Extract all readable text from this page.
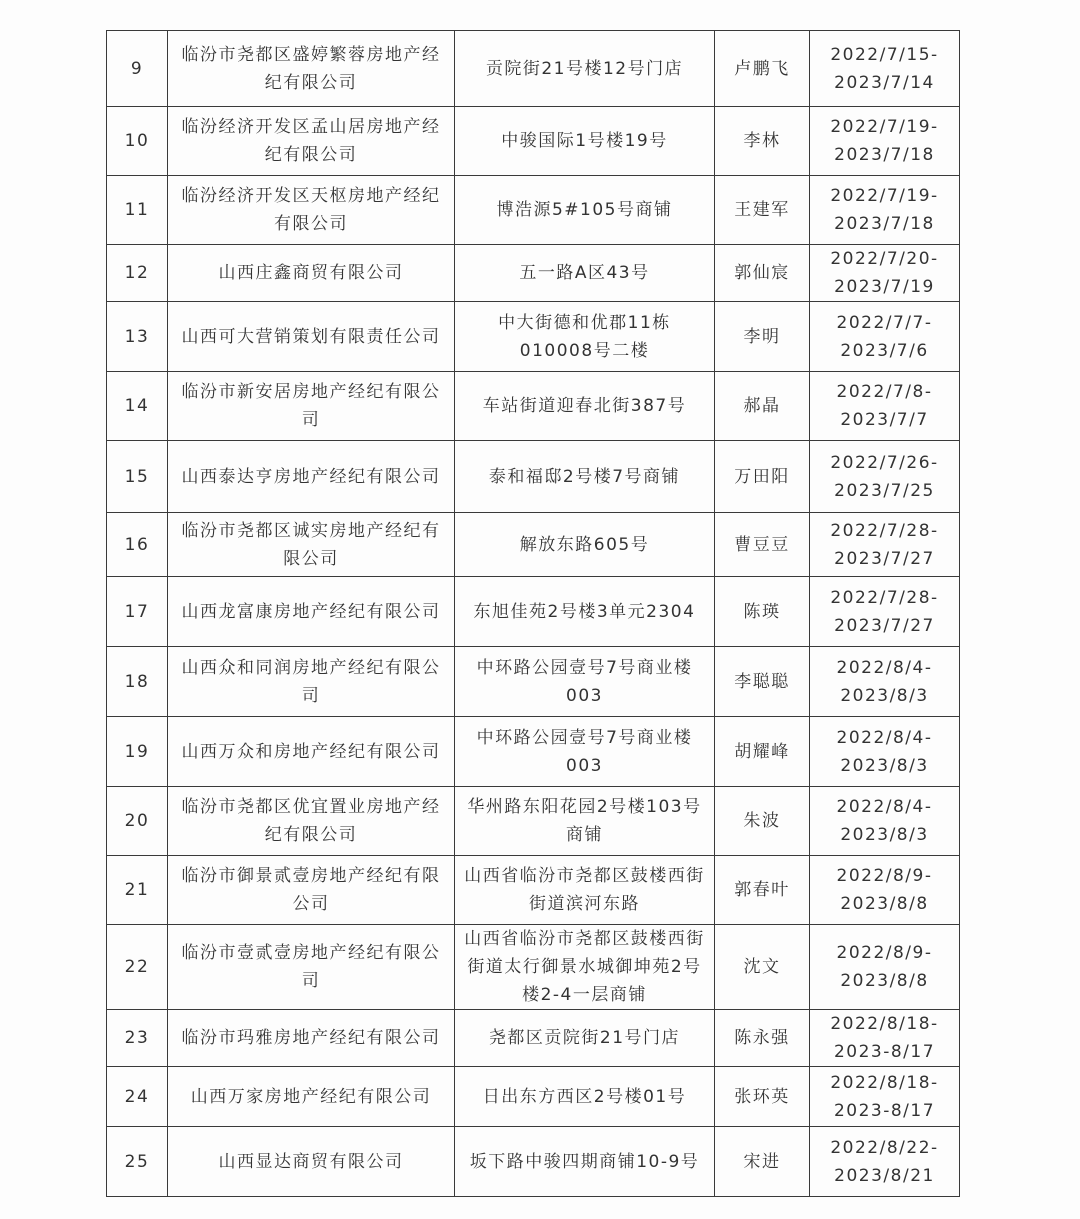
9	临汾市尧都区盛婷繁蓉房地产经纪有限公司	贡院街21号楼12号门店	卢鹏飞	2022/7/15-2023/7/14
10	临汾经济开发区孟山居房地产经纪有限公司	中骏国际1号楼19号	李林	2022/7/19-2023/7/18
11	临汾经济开发区天枢房地产经纪有限公司	博浩源5#105号商铺	王建军	2022/7/19-2023/7/18
12	山西庄鑫商贸有限公司	五一路A区43号	郭仙宸	2022/7/20-2023/7/19
13	山西可大营销策划有限责任公司	中大街德和优郡11栋010008号二楼	李明	2022/7/7-2023/7/6
14	临汾市新安居房地产经纪有限公司	车站街道迎春北街387号	郝晶	2022/7/8-2023/7/7
15	山西泰达亨房地产经纪有限公司	泰和福邸2号楼7号商铺	万田阳	2022/7/26-2023/7/25
16	临汾市尧都区诚实房地产经纪有限公司	解放东路605号	曹豆豆	2022/7/28-2023/7/27
17	山西龙富康房地产经纪有限公司	东旭佳苑2号楼3单元2304	陈瑛	2022/7/28-2023/7/27
18	山西众和同润房地产经纪有限公司	中环路公园壹号7号商业楼003	李聪聪	2022/8/4-2023/8/3
19	山西万众和房地产经纪有限公司	中环路公园壹号7号商业楼003	胡耀峰	2022/8/4-2023/8/3
20	临汾市尧都区优宜置业房地产经纪有限公司	华州路东阳花园2号楼103号商铺	朱波	2022/8/4-2023/8/3
21	临汾市御景贰壹房地产经纪有限公司	山西省临汾市尧都区鼓楼西街街道滨河东路	郭春叶	2022/8/9-2023/8/8
22	临汾市壹贰壹房地产经纪有限公司	山西省临汾市尧都区鼓楼西街街道太行御景水城御坤苑2号楼2-4一层商铺	沈文	2022/8/9-2023/8/8
23	临汾市玛雅房地产经纪有限公司	尧都区贡院街21号门店	陈永强	2022/8/18-2023-8/17
24	山西万家房地产经纪有限公司	日出东方西区2号楼01号	张环英	2022/8/18-2023-8/17
25	山西显达商贸有限公司	坂下路中骏四期商铺10-9号	宋进	2022/8/22-2023/8/21
